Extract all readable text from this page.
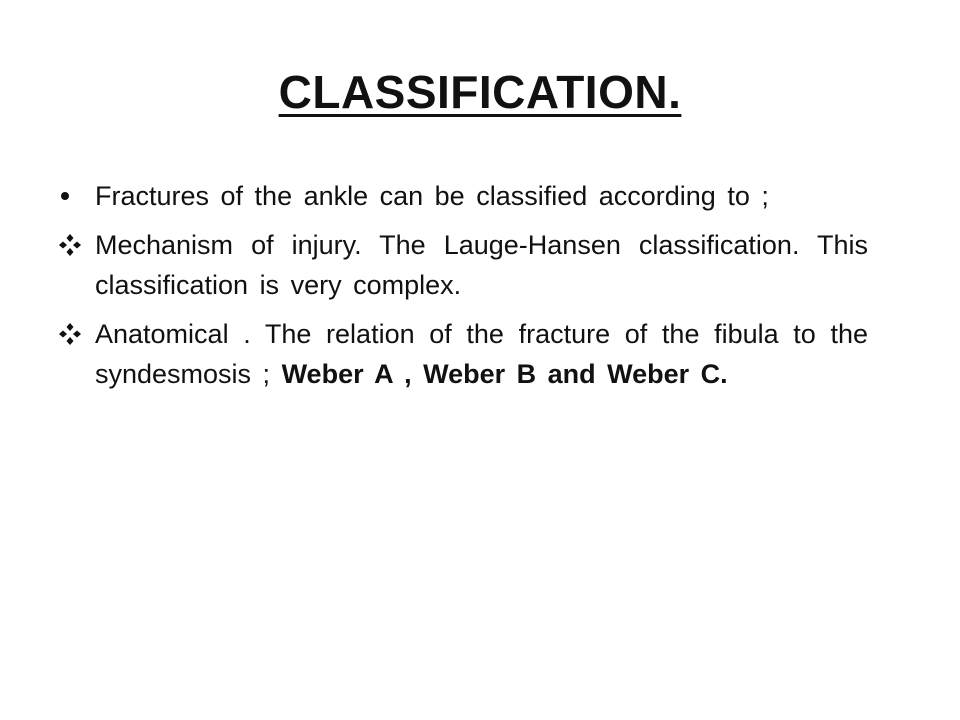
CLASSIFICATION.
Fractures of the ankle can be classified according to ;
Mechanism of injury. The Lauge-Hansen classification. This classification is very complex.
Anatomical . The relation of the fracture of the fibula to the syndesmosis ; Weber A , Weber B and Weber C.
